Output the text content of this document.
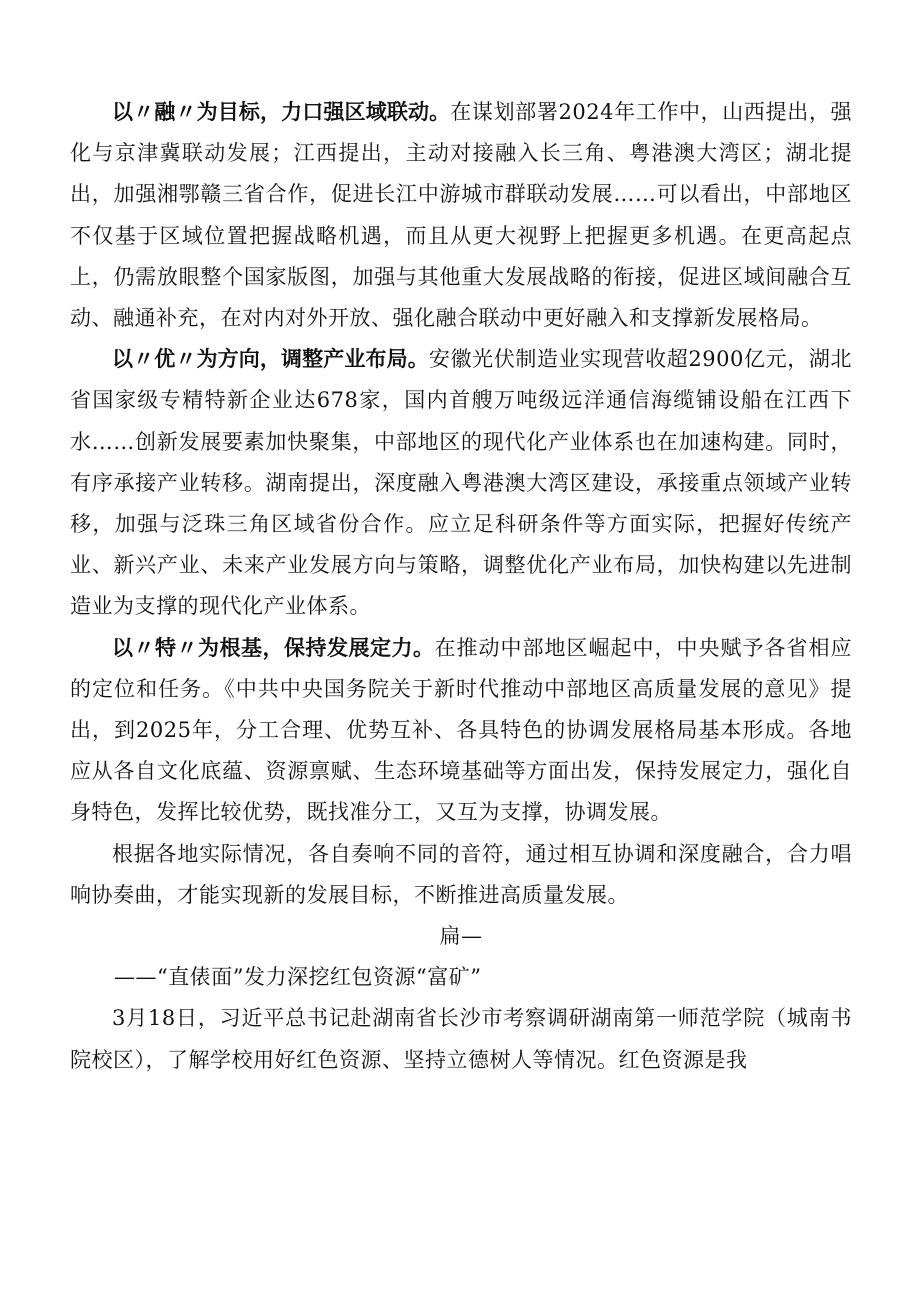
以〃融〃为目标，力口强区域联动。在谋划部署2024年工作中，山西提出，强化与京津冀联动发展；江西提出，主动对接融入长三角、粤港澳大湾区；湖北提出，加强湘鄂赣三省合作，促进长江中游城市群联动发展……可以看出，中部地区不仅基于区域位置把握战略机遇，而且从更大视野上把握更多机遇。在更高起点上，仍需放眼整个国家版图，加强与其他重大发展战略的衔接，促进区域间融合互动、融通补充，在对内对外开放、强化融合联动中更好融入和支撑新发展格局。

以〃优〃为方向，调整产业布局。安徽光伏制造业实现营收超2900亿元，湖北省国家级专精特新企业达678家，国内首艘万吨级远洋通信海缆铺设船在江西下水……创新发展要素加快聚集，中部地区的现代化产业体系也在加速构建。同时，有序承接产业转移。湖南提出，深度融入粤港澳大湾区建设，承接重点领域产业转移，加强与泛珠三角区域省份合作。应立足科研条件等方面实际，把握好传统产业、新兴产业、未来产业发展方向与策略，调整优化产业布局，加快构建以先进制造业为支撑的现代化产业体系。

以〃特〃为根基，保持发展定力。在推动中部地区崛起中，中央赋予各省相应的定位和任务。《中共中央国务院关于新时代推动中部地区高质量发展的意见》提出，到2025年，分工合理、优势互补、各具特色的协调发展格局基本形成。各地应从各自文化底蕴、资源禀赋、生态环境基础等方面出发，保持发展定力，强化自身特色，发挥比较优势，既找准分工，又互为支撑，协调发展。

根据各地实际情况，各自奏响不同的音符，通过相互协调和深度融合，合力唱响协奏曲，才能实现新的发展目标，不断推进高质量发展。

扁—

——“直俵面”发力深挖红包资源“富矿”

3月18日，习近平总书记赴湖南省长沙市考察调研湖南第一师范学院（城南书院校区），了解学校用好红色资源、坚持立德树人等情况。红色资源是我
